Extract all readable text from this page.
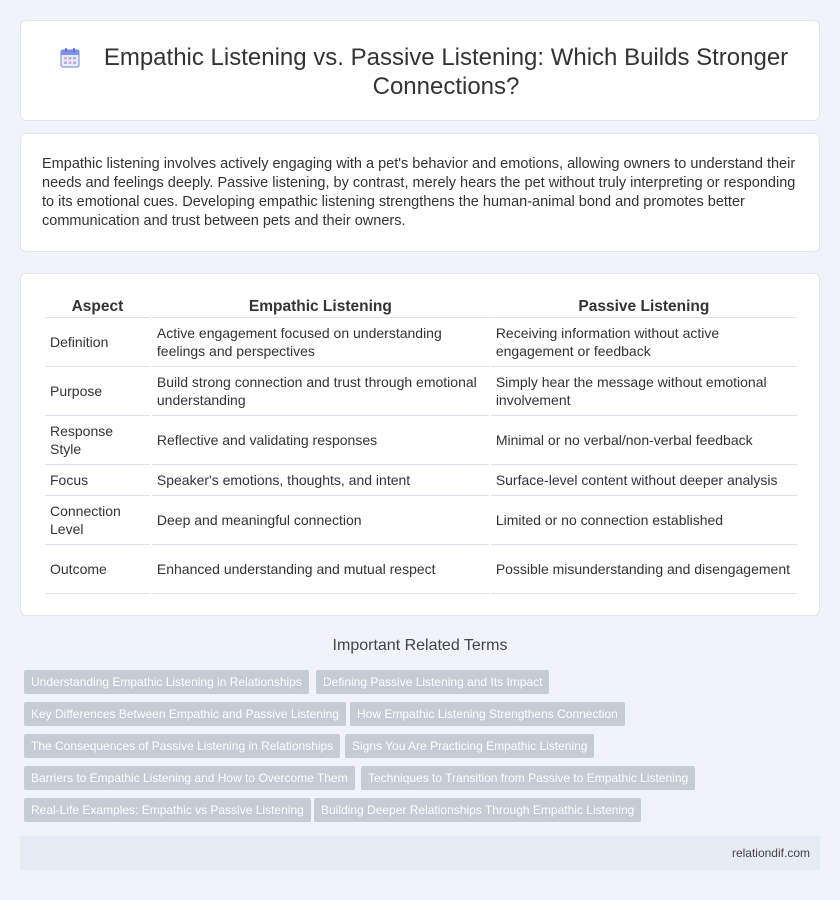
Empathic Listening vs. Passive Listening: Which Builds Stronger Connections?

Empathic listening involves actively engaging with a pet's behavior and emotions, allowing owners to understand their needs and feelings deeply. Passive listening, by contrast, merely hears the pet without truly interpreting or responding to its emotional cues. Developing empathic listening strengthens the human-animal bond and promotes better communication and trust between pets and their owners.

Aspect	Empathic Listening	Passive Listening
Definition	Active engagement focused on understanding feelings and perspectives	Receiving information without active engagement or feedback
Purpose	Build strong connection and trust through emotional understanding	Simply hear the message without emotional involvement
Response Style	Reflective and validating responses	Minimal or no verbal/non-verbal feedback
Focus	Speaker's emotions, thoughts, and intent	Surface-level content without deeper analysis
Connection Level	Deep and meaningful connection	Limited or no connection established
Outcome	Enhanced understanding and mutual respect	Possible misunderstanding and disengagement
Important Related Terms
Understanding Empathic Listening in Relationships	Defining Passive Listening and Its Impact
Key Differences Between Empathic and Passive Listening	How Empathic Listening Strengthens Connection
The Consequences of Passive Listening in Relationships	Signs You Are Practicing Empathic Listening
Barriers to Empathic Listening and How to Overcome Them	Techniques to Transition from Passive to Empathic Listening
Real-Life Examples: Empathic vs Passive Listening	Building Deeper Relationships Through Empathic Listening
relationdif.com
